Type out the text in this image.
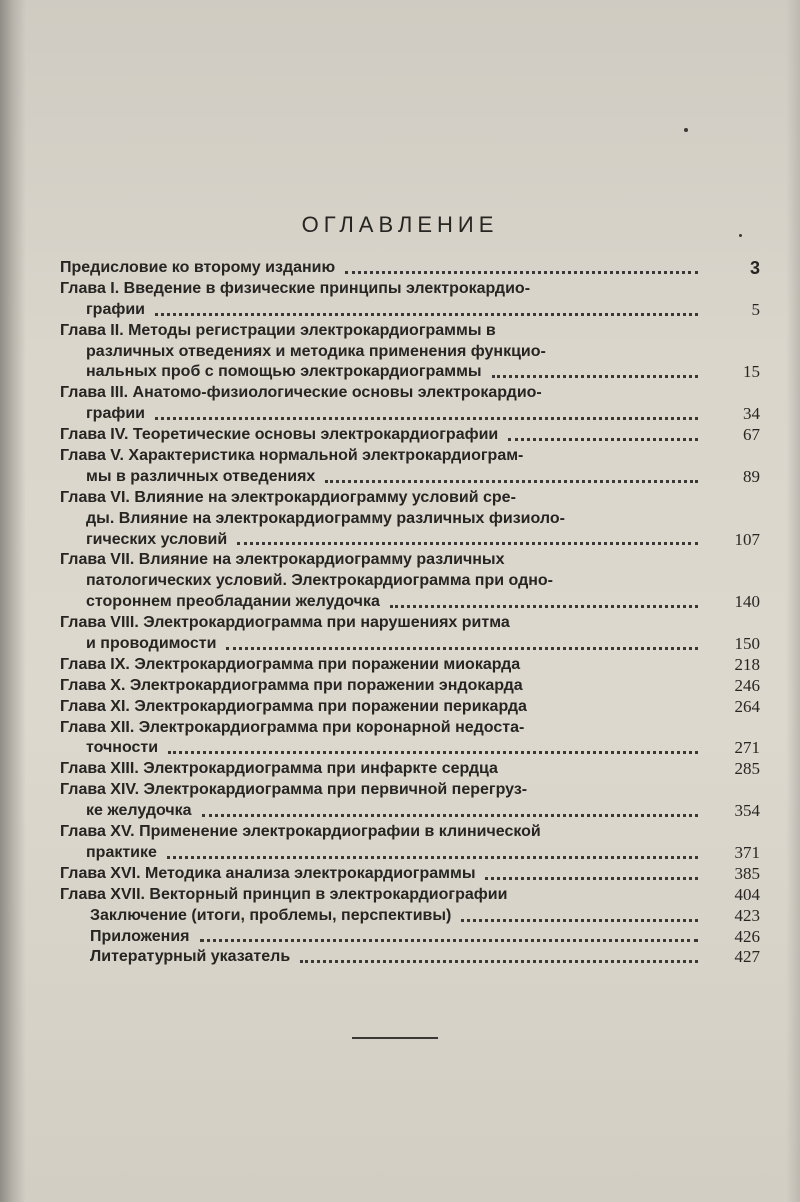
ОГЛАВЛЕНИЕ
Предисловие ко второму изданию	3
Глава I. Введение в физические принципы электрокардио-
графии	5
Глава II. Методы регистрации электрокардиограммы в
различных отведениях и методика применения функцио-
нальных проб с помощью электрокардиограммы	15
Глава III. Анатомо-физиологические основы электрокардио-
графии	34
Глава IV. Теоретические основы электрокардиографии	67
Глава V. Характеристика нормальной электрокардиограм-
мы в различных отведениях	89
Глава VI. Влияние на электрокардиограмму условий сре-
ды. Влияние на электрокардиограмму различных физиоло-
гических условий	107
Глава VII. Влияние на электрокардиограмму различных
патологических условий. Электрокардиограмма при одно-
стороннем преобладании желудочка	140
Глава VIII. Электрокардиограмма при нарушениях ритма
и проводимости	150
Глава IX. Электрокардиограмма при поражении миокарда	218
Глава X. Электрокардиограмма при поражении эндокарда	246
Глава XI. Электрокардиограмма при поражении перикарда	264
Глава XII. Электрокардиограмма при коронарной недоста-
точности	271
Глава XIII. Электрокардиограмма при инфаркте сердца	285
Глава XIV. Электрокардиограмма при первичной перегруз-
ке желудочка	354
Глава XV. Применение электрокардиографии в клинической
практике	371
Глава XVI. Методика анализа электрокардиограммы	385
Глава XVII. Векторный принцип в электрокардиографии	404
Заключение (итоги, проблемы, перспективы)	423
Приложения	426
Литературный указатель	427
